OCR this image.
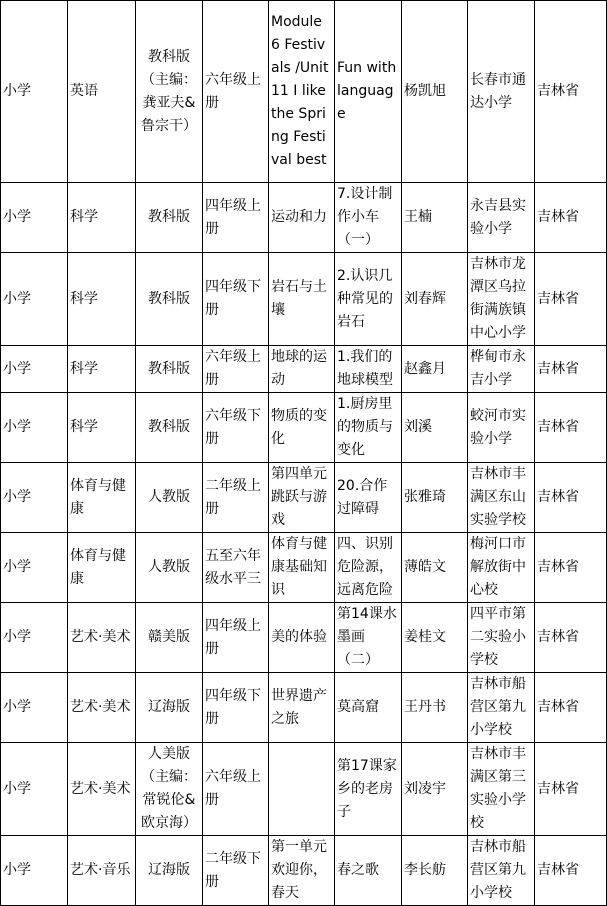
小学	英语	教科版（主编：龚亚夫&鲁宗干）	六年级上册	Module 6 Festivals /Unit 11 I like the Spring Festival best	Fun with language	杨凯旭	长春市通达小学	吉林省

小学	科学	教科版	四年级上册	运动和力	7.设计制作小车（一）	王楠	永吉县实验小学	吉林省

小学	科学	教科版	四年级下册	岩石与土壤	2.认识几种常见的岩石	刘春辉	吉林市龙潭区乌拉街满族镇中心小学	吉林省

小学	科学	教科版	六年级上册	地球的运动	1.我们的地球模型	赵鑫月	桦甸市永吉小学	吉林省

小学	科学	教科版	六年级下册	物质的变化	1.厨房里的物质与变化	刘溪	蛟河市实验小学	吉林省

小学	体育与健康	人教版	二年级上册	第四单元跳跃与游戏	20.合作过障碍	张雅琦	吉林市丰满区东山实验学校	吉林省

小学	体育与健康	人教版	五至六年级水平三	体育与健康基础知识	四、识别危险源，远离危险	薄皓文	梅河口市解放街中心校	吉林省

小学	艺术·美术	赣美版	四年级上册	美的体验	第14课水墨画（二）	姜桂文	四平市第二实验小学校	吉林省

小学	艺术·美术	辽海版	四年级下册	世界遗产之旅	莫高窟	王丹书	吉林市船营区第九小学校	吉林省

小学	艺术·美术	人美版（主编：常锐伦&欧京海）	六年级上册		第17课家乡的老房子	刘凌宇	吉林市丰满区第三实验小学校	吉林省

小学	艺术·音乐	辽海版	二年级下册	第一单元欢迎你，春天	春之歌	李长舫	吉林市船营区第九小学校	吉林省
